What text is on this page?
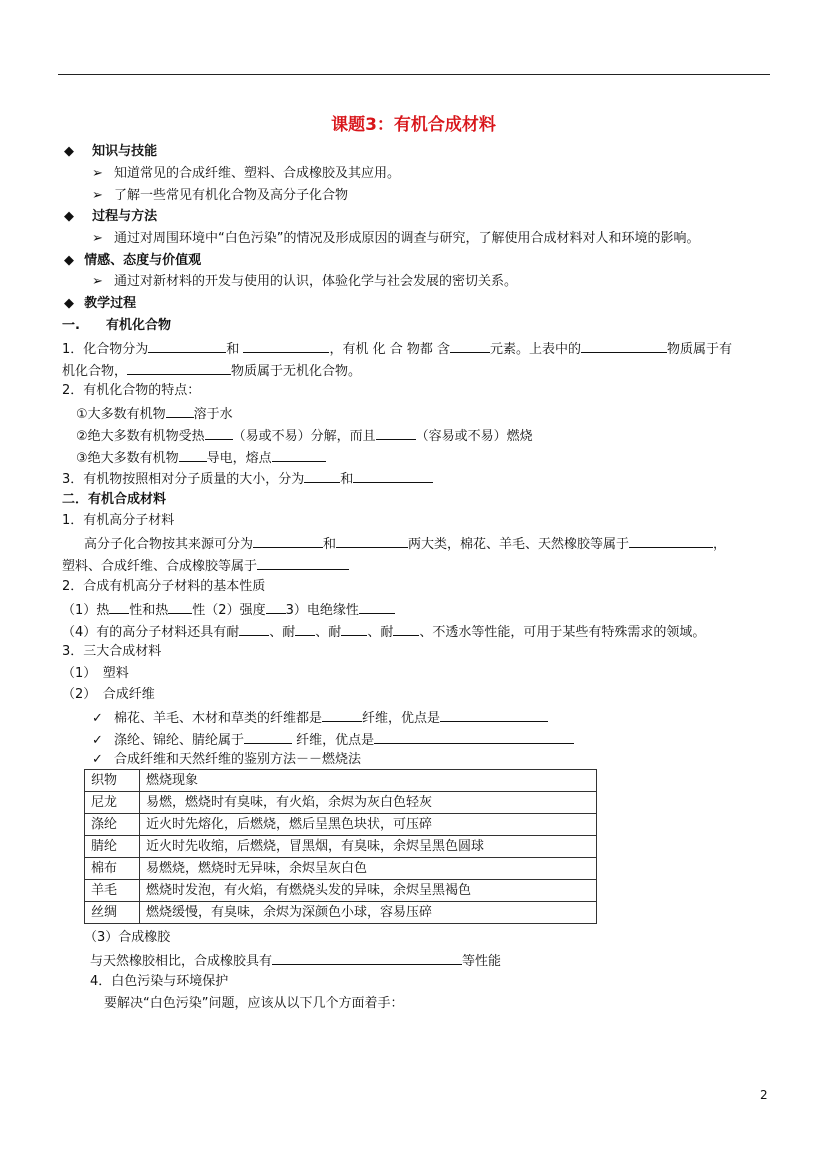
课题3：有机合成材料
◆ 知识与技能
➢ 知道常见的合成纤维、塑料、合成橡胶及其应用。
➢ 了解一些常见有机化合物及高分子化合物
◆ 过程与方法
➢ 通过对周围环境中“白色污染”的情况及形成原因的调查与研究，了解使用合成材料对人和环境的影响。
◆ 情感、态度与价值观
➢ 通过对新材料的开发与使用的认识，体验化学与社会发展的密切关系。
◆ 教学过程
一.　　有机化合物
1．化合物分为	和	，有机 化 合 物都 含	元素。上表中的	物质属于有
机化合物，	物质属于无机化合物。
2．有机化合物的特点：
①大多数有机物 溶于水
②绝大多数有机物受热 （易或不易）分解，而且	（容易或不易）燃烧
③绝大多数有机物 导电，熔点
3．有机物按照相对分子质量的大小，分为	和
二．有机合成材料
1．有机高分子材料
高分子化合物按其来源可分为	和	两大类，棉花、羊毛、天然橡胶等属于	，
塑料、合成纤维、合成橡胶等属于
2．合成有机高分子材料的基本性质
（1）热 性和热 性（2）强度 3）电绝缘性
（4）有的高分子材料还具有耐 、耐 、耐 、耐 、不透水等性能，可用于某些有特殊需求的领域。
3．三大合成材料
（1）　塑料
（2）　合成纤维
✓ 棉花、羊毛、木材和草类的纤维都是	纤维，优点是
✓ 涤纶、锦纶、腈纶属于	纤维，优点是
✓ 合成纤维和天然纤维的鉴别方法－－燃烧法
织物	燃烧现象
尼龙	易燃，燃烧时有臭味，有火焰，余烬为灰白色轻灰
涤纶	近火时先熔化，后燃烧，燃后呈黑色块状，可压碎
腈纶	近火时先收缩，后燃烧，冒黑烟，有臭味，余烬呈黑色圆球
棉布	易燃烧，燃烧时无异味，余烬呈灰白色
羊毛	燃烧时发泡，有火焰，有燃烧头发的异味，余烬呈黑褐色
丝绸	燃烧缓慢，有臭味，余烬为深颜色小球，容易压碎
（3）合成橡胶
与天然橡胶相比，合成橡胶具有	等性能
4．白色污染与环境保护
要解决“白色污染”问题，应该从以下几个方面着手：
2
